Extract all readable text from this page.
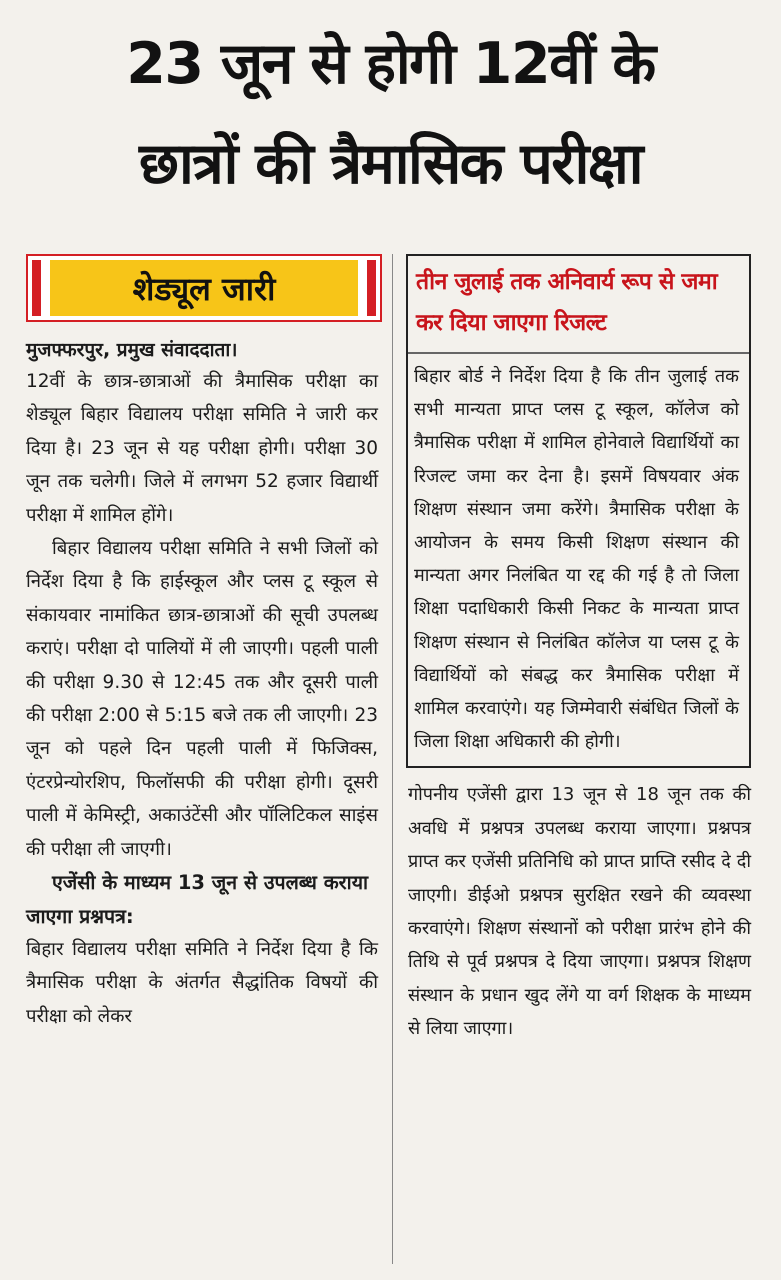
23 जून से होगी 12वीं के
छात्रों की त्रैमासिक परीक्षा
शेड्यूल जारी
मुजफ्फरपुर, प्रमुख संवाददाता।

12वीं के छात्र-छात्राओं की त्रैमासिक परीक्षा का शेड्यूल बिहार विद्यालय परीक्षा समिति ने जारी कर दिया है। 23 जून से यह परीक्षा होगी। परीक्षा 30 जून तक चलेगी। जिले में लगभग 52 हजार विद्यार्थी परीक्षा में शामिल होंगे।

बिहार विद्यालय परीक्षा समिति ने सभी जिलों को निर्देश दिया है कि हाईस्कूल और प्लस टू स्कूल से संकायवार नामांकित छात्र-छात्राओं की सूची उपलब्ध कराएं। परीक्षा दो पालियों में ली जाएगी। पहली पाली की परीक्षा 9.30 से 12:45 तक और दूसरी पाली की परीक्षा 2:00 से 5:15 बजे तक ली जाएगी। 23 जून को पहले दिन पहली पाली में फिजिक्स, एंटरप्रेन्योरशिप, फिलॉसफी की परीक्षा होगी। दूसरी पाली में केमिस्ट्री, अकाउंटेंसी और पॉलिटिकल साइंस की परीक्षा ली जाएगी।

एजेंसी के माध्यम 13 जून से उपलब्ध कराया जाएगा प्रश्नपत्र:

बिहार विद्यालय परीक्षा समिति ने निर्देश दिया है कि त्रैमासिक परीक्षा के अंतर्गत सैद्धांतिक विषयों की परीक्षा को लेकर

तीन जुलाई तक अनिवार्य रूप से जमा कर दिया जाएगा रिजल्ट

बिहार बोर्ड ने निर्देश दिया है कि तीन जुलाई तक सभी मान्यता प्राप्त प्लस टू स्कूल, कॉलेज को त्रैमासिक परीक्षा में शामिल होनेवाले विद्यार्थियों का रिजल्ट जमा कर देना है। इसमें विषयवार अंक शिक्षण संस्थान जमा करेंगे। त्रैमासिक परीक्षा के आयोजन के समय किसी शिक्षण संस्थान की मान्यता अगर निलंबित या रद्द की गई है तो जिला शिक्षा पदाधिकारी किसी निकट के मान्यता प्राप्त शिक्षण संस्थान से निलंबित कॉलेज या प्लस टू के विद्यार्थियों को संबद्ध कर त्रैमासिक परीक्षा में शामिल करवाएंगे। यह जिम्मेवारी संबंधित जिलों के जिला शिक्षा अधिकारी की होगी।

गोपनीय एजेंसी द्वारा 13 जून से 18 जून तक की अवधि में प्रश्नपत्र उपलब्ध कराया जाएगा। प्रश्नपत्र प्राप्त कर एजेंसी प्रतिनिधि को प्राप्त प्राप्ति रसीद दे दी जाएगी। डीईओ प्रश्नपत्र सुरक्षित रखने की व्यवस्था करवाएंगे। शिक्षण संस्थानों को परीक्षा प्रारंभ होने की तिथि से पूर्व प्रश्नपत्र दे दिया जाएगा। प्रश्नपत्र शिक्षण संस्थान के प्रधान खुद लेंगे या वर्ग शिक्षक के माध्यम से लिया जाएगा।
